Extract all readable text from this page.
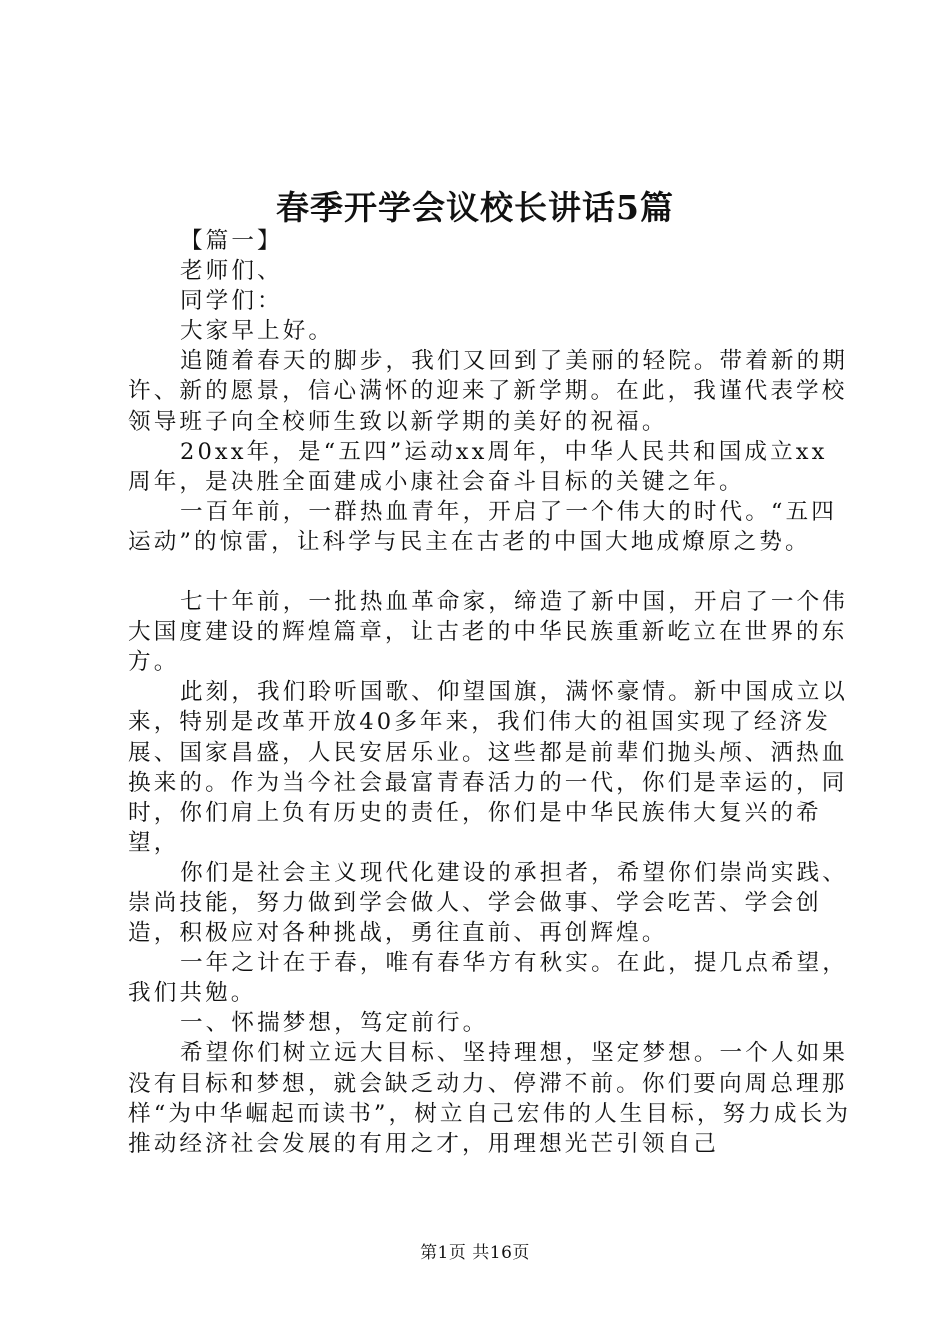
春季开学会议校长讲话5篇

【篇一】

老师们、

同学们：

大家早上好。

追随着春天的脚步，我们又回到了美丽的轻院。带着新的期许、新的愿景，信心满怀的迎来了新学期。在此，我谨代表学校领导班子向全校师生致以新学期的美好的祝福。

20xx年，是“五四”运动xx周年，中华人民共和国成立xx周年，是决胜全面建成小康社会奋斗目标的关键之年。

一百年前，一群热血青年，开启了一个伟大的时代。“五四运动”的惊雷，让科学与民主在古老的中国大地成燎原之势。

七十年前，一批热血革命家，缔造了新中国，开启了一个伟大国度建设的辉煌篇章，让古老的中华民族重新屹立在世界的东方。

此刻，我们聆听国歌、仰望国旗，满怀豪情。新中国成立以来，特别是改革开放40多年来，我们伟大的祖国实现了经济发展、国家昌盛，人民安居乐业。这些都是前辈们抛头颅、洒热血换来的。作为当今社会最富青春活力的一代，你们是幸运的，同时，你们肩上负有历史的责任，你们是中华民族伟大复兴的希望，

你们是社会主义现代化建设的承担者，希望你们崇尚实践、崇尚技能，努力做到学会做人、学会做事、学会吃苦、学会创造，积极应对各种挑战，勇往直前、再创辉煌。

一年之计在于春，唯有春华方有秋实。在此，提几点希望，我们共勉。

一、怀揣梦想，笃定前行。

希望你们树立远大目标、坚持理想，坚定梦想。一个人如果没有目标和梦想，就会缺乏动力、停滞不前。你们要向周总理那样“为中华崛起而读书”，树立自己宏伟的人生目标，努力成长为推动经济社会发展的有用之才，用理想光芒引领自己

第1页 共16页
